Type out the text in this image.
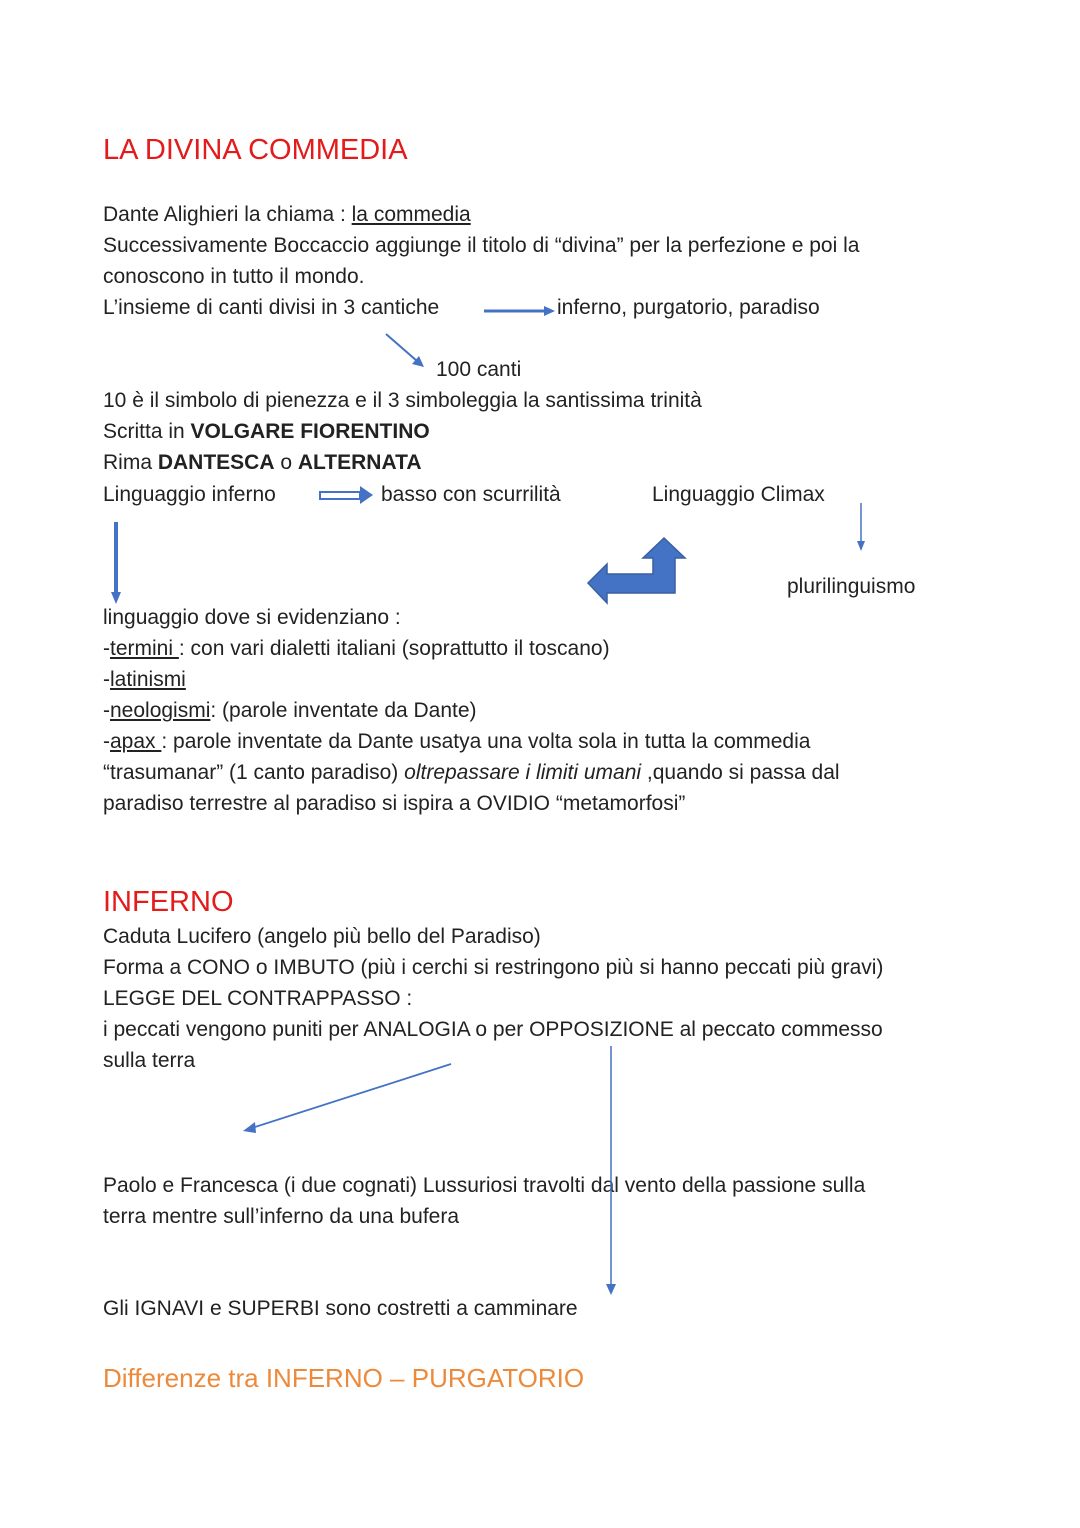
LA DIVINA COMMEDIA
Dante Alighieri la chiama : la commedia
Successivamente Boccaccio aggiunge il titolo di “divina” per la perfezione e poi la
conoscono in tutto il mondo.
L’insieme di canti divisi in 3 cantiche	inferno, purgatorio, paradiso
100 canti
10 è il simbolo di pienezza e il 3 simboleggia la santissima trinità
Scritta in VOLGARE FIORENTINO
Rima DANTESCA o ALTERNATA
Linguaggio inferno	basso con scurrilità	Linguaggio Climax
plurilinguismo
linguaggio dove si evidenziano :
-termini : con vari dialetti italiani (soprattutto il toscano)
-latinismi
-neologismi: (parole inventate da Dante)
-apax : parole inventate da Dante usatya una volta sola in tutta la commedia
“trasumanar” (1 canto paradiso) oltrepassare i limiti umani ,quando si passa dal
paradiso terrestre al paradiso si ispira a OVIDIO “metamorfosi”
INFERNO
Caduta Lucifero (angelo più bello del Paradiso)
Forma a CONO o IMBUTO (più i cerchi si restringono più si hanno peccati più gravi)
LEGGE DEL CONTRAPPASSO :
i peccati vengono puniti per ANALOGIA o per OPPOSIZIONE al peccato commesso
sulla terra
Paolo e Francesca (i due cognati) Lussuriosi travolti dal vento della passione sulla
terra mentre sull’inferno da una bufera
Gli IGNAVI e SUPERBI sono costretti a camminare
Differenze tra INFERNO – PURGATORIO
